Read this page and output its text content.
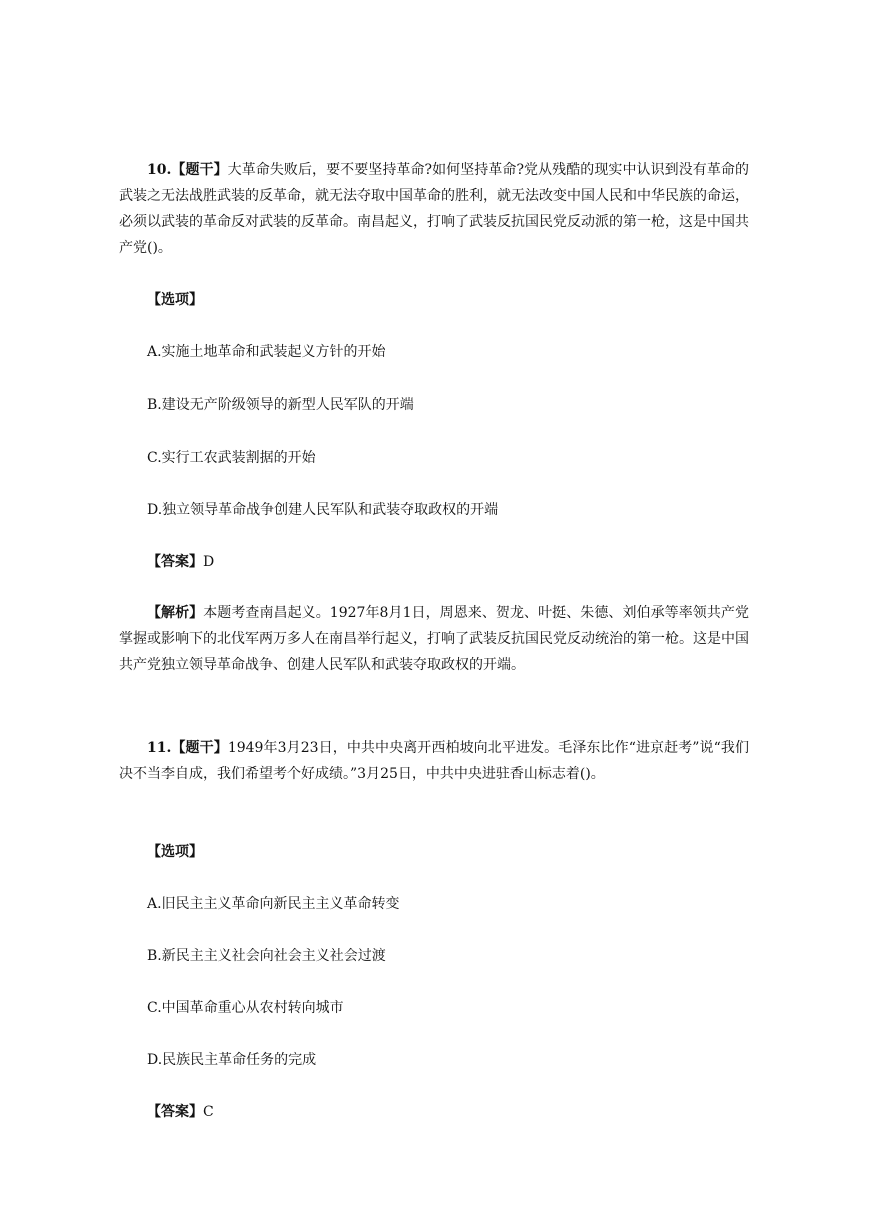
10.【题干】大革命失败后，要不要坚持革命?如何坚持革命?党从残酷的现实中认识到没有革命的武装之无法战胜武装的反革命，就无法夺取中国革命的胜利，就无法改变中国人民和中华民族的命运，必须以武装的革命反对武装的反革命。南昌起义，打响了武装反抗国民党反动派的第一枪，这是中国共产党()。

【选项】

A.实施土地革命和武装起义方针的开始

B.建设无产阶级领导的新型人民军队的开端

C.实行工农武装割据的开始

D.独立领导革命战争创建人民军队和武装夺取政权的开端

【答案】D

【解析】本题考查南昌起义。1927年8月1日，周恩来、贺龙、叶挺、朱德、刘伯承等率领共产党掌握或影响下的北伐军两万多人在南昌举行起义，打响了武装反抗国民党反动统治的第一枪。这是中国共产党独立领导革命战争、创建人民军队和武装夺取政权的开端。

11.【题干】1949年3月23日，中共中央离开西柏坡向北平进发。毛泽东比作“进京赶考”说“我们决不当李自成，我们希望考个好成绩。”3月25日，中共中央进驻香山标志着()。

【选项】

A.旧民主主义革命向新民主主义革命转变

B.新民主主义社会向社会主义社会过渡

C.中国革命重心从农村转向城市

D.民族民主革命任务的完成

【答案】C
